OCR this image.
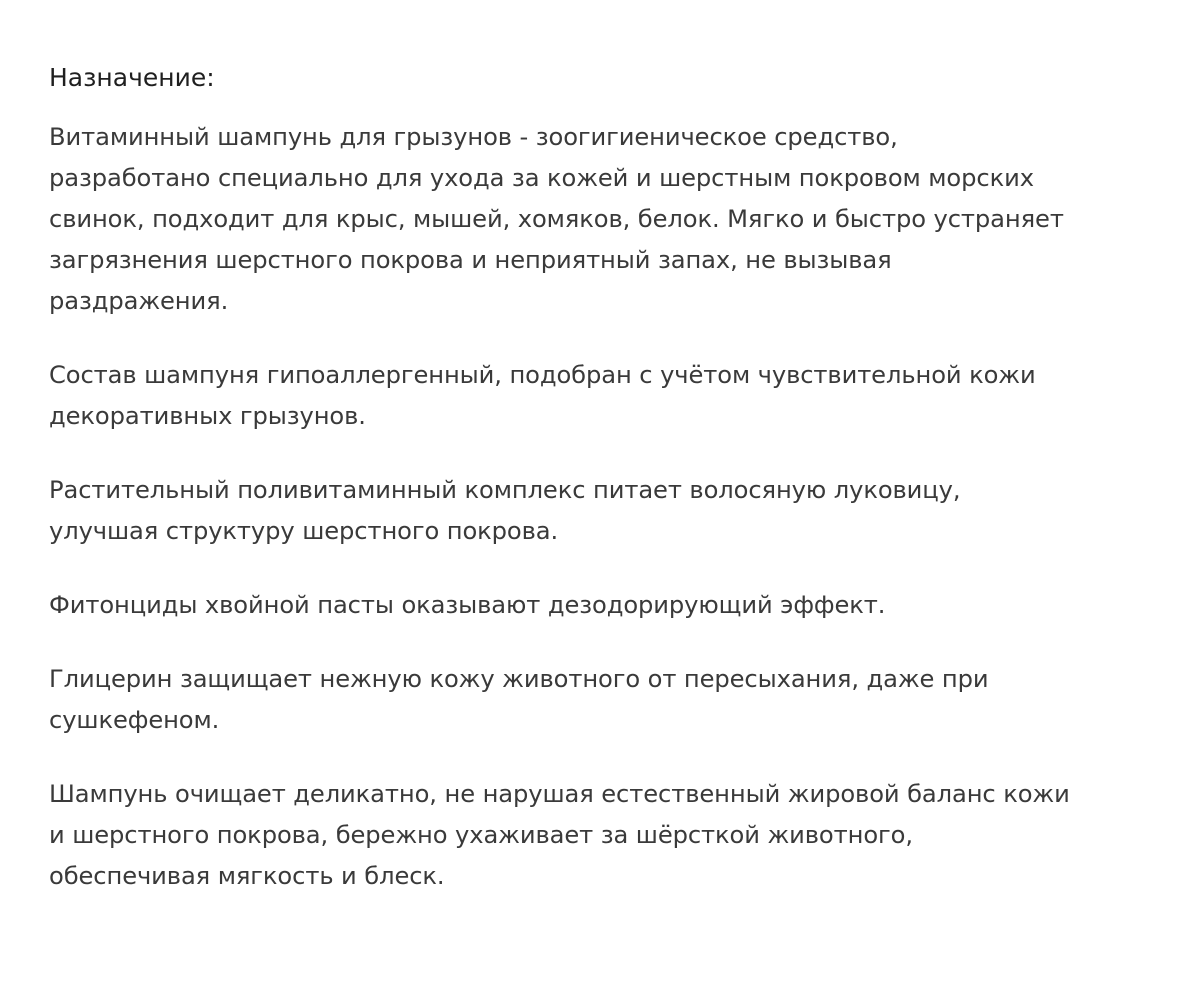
Назначение:
Витаминный шампунь для грызунов - зоогигиеническое средство,
разработано специально для ухода за кожей и шерстным покровом морских
свинок, подходит для крыс, мышей, хомяков, белок. Мягко и быстро устраняет
загрязнения шерстного покрова и неприятный запах, не вызывая
раздражения.
Состав шампуня гипоаллергенный, подобран с учётом чувствительной кожи
декоративных грызунов.
Растительный поливитаминный комплекс питает волосяную луковицу,
улучшая структуру шерстного покрова.
Фитонциды хвойной пасты оказывают дезодорирующий эффект.
Глицерин защищает нежную кожу животного от пересыхания, даже при
сушкефеном.
Шампунь очищает деликатно, не нарушая естественный жировой баланс кожи
и шерстного покрова, бережно ухаживает за шёрсткой животного,
обеспечивая мягкость и блеск.
